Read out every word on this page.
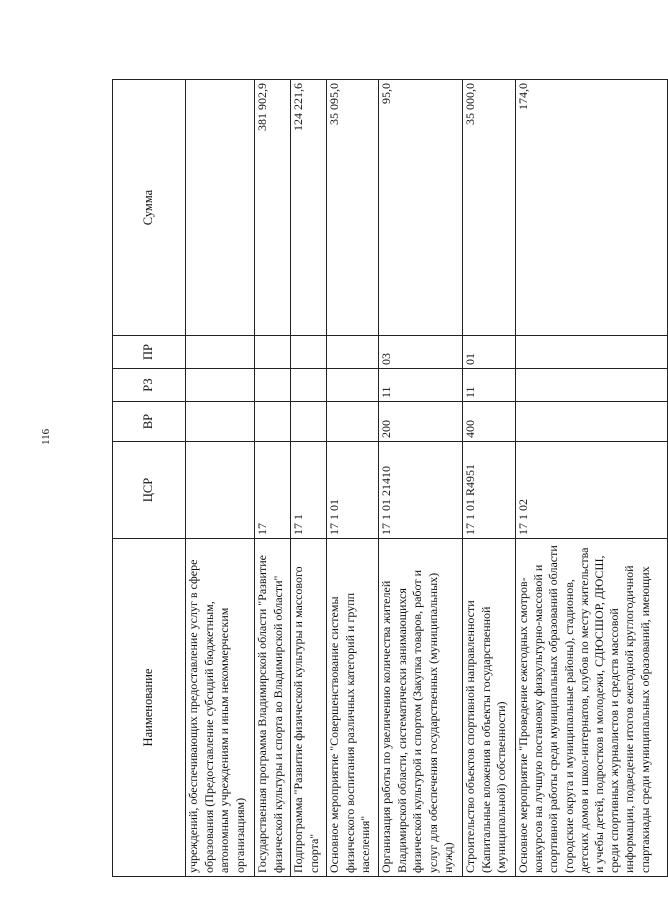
116
Наименование	ЦСР	ВР	РЗ	ПР	Сумма
учреждений, обеспечивающих предоставление услуг в сфере образования (Предоставление субсидий бюджетным, автономным учреждениям и иным некоммерческим организациям)					
Государственная программа Владимирской области "Развитие физической культуры и спорта во Владимирской области"	17				381 902,9
Подпрограмма "Развитие физической культуры и массового спорта"	17 1				124 221,6
Основное мероприятие "Совершенствование системы физического воспитания различных категорий и групп населения"	17 1 01				35 095,0
Организация работы по увеличению количества жителей Владимирской области, систематически занимающихся физической культурой и спортом (Закупка товаров, работ и услуг для обеспечения государственных (муниципальных) нужд)	17 1 01 21410	200	11	03	95,0
Строительство объектов спортивной направленности (Капитальные вложения в объекты государственной (муниципальной) собственности)	17 1 01 R4951	400	11	01	35 000,0
Основное мероприятие "Проведение ежегодных смотров-конкурсов на лучшую постановку физкультурно-массовой и спортивной работы среди муниципальных образований области (городские округа и муниципальные районы), стадионов, детских домов и школ-интернатов, клубов по месту жительства и учебы детей, подростков и молодежи, СДЮСШОР, ДЮСШ, среди спортивных журналистов и средств массовой информации, подведение итогов ежегодной круглогодичной спартакиады среди муниципальных образований, имеющих	17 1 02				174,0
